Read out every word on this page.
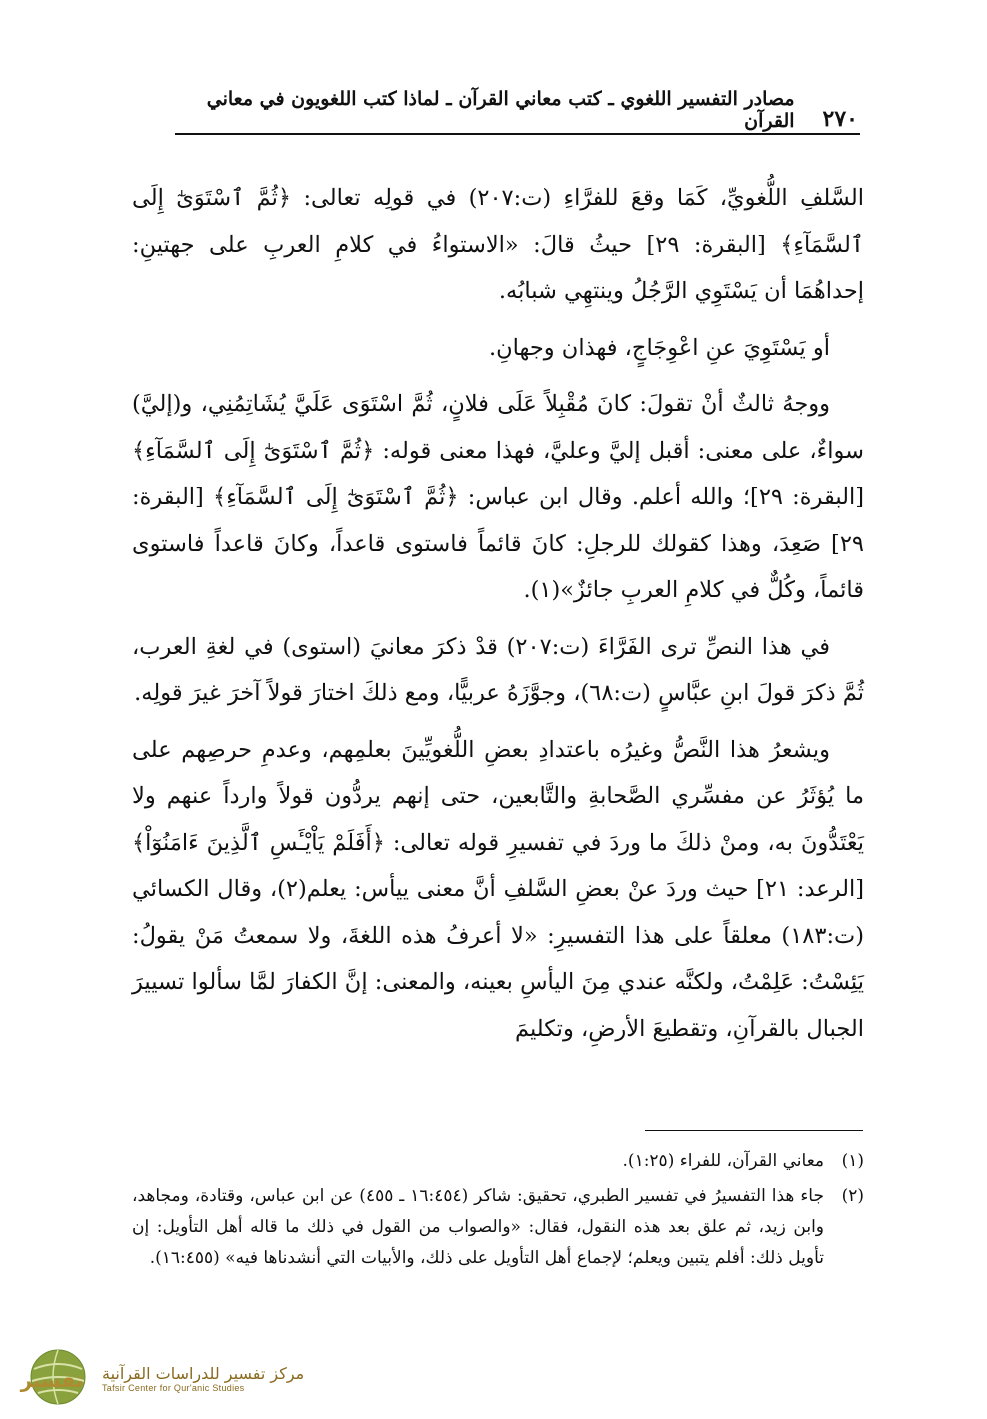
٢٧٠
مصادر التفسير اللغوي ـ كتب معاني القرآن ـ لماذا كتب اللغويون في معاني القرآن

السَّلفِ اللُّغويِّ، كَمَا وقعَ للفرَّاءِ (ت:٢٠٧) في قولِه تعالى: ﴿ثُمَّ ٱسْتَوَىٰٓ إِلَى ٱلسَّمَآءِ﴾ [البقرة: ٢٩] حيثُ قالَ: «الاستواءُ في كلامِ العربِ على جهتينِ: إحداهُمَا أن يَسْتَوِي الرَّجُلُ وينتهِي شبابُه.

أو يَسْتَوِيَ عنِ اعْوِجَاجٍ، فهذان وجهانِ.

ووجهُ ثالثٌ أنْ تقولَ: كانَ مُقْبِلاً عَلَى فلانٍ، ثُمَّ اسْتَوَى عَلَيَّ يُشَاتِمُنِي، و(إليَّ) سواءٌ، على معنى: أقبل إليَّ وعليَّ، فهذا معنى قوله: ﴿ثُمَّ ٱسْتَوَىٰٓ إِلَى ٱلسَّمَآءِ﴾ [البقرة: ٢٩]؛ والله أعلم. وقال ابن عباس: ﴿ثُمَّ ٱسْتَوَىٰٓ إِلَى ٱلسَّمَآءِ﴾ [البقرة: ٢٩] صَعِدَ، وهذا كقولك للرجلِ: كانَ قائماً فاستوى قاعداً، وكانَ قاعداً فاستوى قائماً، وكُلٌّ في كلامِ العربِ جائزٌ»(١).

في هذا النصِّ ترى الفَرَّاءَ (ت:٢٠٧) قدْ ذكرَ معانيَ (استوى) في لغةِ العرب، ثُمَّ ذكرَ قولَ ابنِ عبَّاسٍ (ت:٦٨)، وجوَّزَهُ عربيًّا، ومع ذلكَ اختارَ قولاً آخرَ غيرَ قولِه.

ويشعرُ هذا النَّصُّ وغيرُه باعتدادِ بعضِ اللُّغويِّينَ بعلمِهم، وعدمِ حرصِهم على ما يُؤثَرُ عن مفسِّري الصَّحابةِ والتَّابعين، حتى إنهم يردُّون قولاً وارداً عنهم ولا يَعْتَدُّونَ به، ومنْ ذلكَ ما وردَ في تفسيرِ قوله تعالى: ﴿أَفَلَمْ يَاْيْـَٔسِ ٱلَّذِينَ ءَامَنُوٓاْ﴾ [الرعد: ٢١] حيث وردَ عنْ بعضِ السَّلفِ أنَّ معنى ييأس: يعلم(٢)، وقال الكسائي (ت:١٨٣) معلقاً على هذا التفسيرِ: «لا أعرفُ هذه اللغةَ، ولا سمعتُ مَنْ يقولُ: يَئِسْتُ: عَلِمْتُ، ولكنَّه عندي مِنَ اليأسِ بعينه، والمعنى: إنَّ الكفارَ لمَّا سألوا تسييرَ الجبال بالقرآنِ، وتقطيعَ الأرضِ، وتكليمَ

(١)
معاني القرآن، للفراء (١:٢٥).
(٢)
جاء هذا التفسيرُ في تفسير الطبري، تحقيق: شاكر (١٦:٤٥٤ ـ ٤٥٥) عن ابن عباس، وقتادة، ومجاهد، وابن زيد، ثم علق بعد هذه النقول، فقال: «والصواب من القول في ذلك ما قاله أهل التأويل: إن تأويل ذلك: أفلم يتبين ويعلم؛ لإجماع أهل التأويل على ذلك، والأبيات التي أنشدناها فيه» (١٦:٤٥٥).
تفسير مركز تفسير للدراسات القرآنية
Tafsir Center for Qur'anic Studies
